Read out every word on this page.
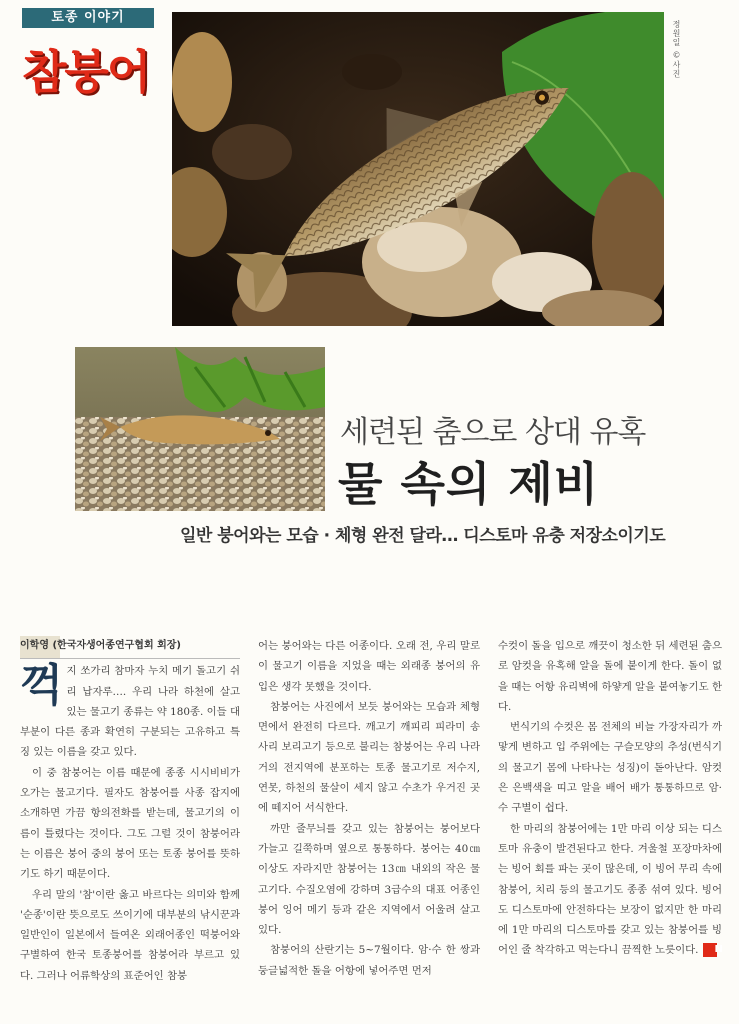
토종 이야기
참붕어	정원일 ©사진
세련된 춤으로 상대 유혹
물 속의 제비
일반 붕어와는 모습 · 체형 완전 달라… 디스토마 유충 저장소이기도

이학영 (한국자생어종연구협회 회장)

꺽지 쏘가리 참마자 누치 메기 돌고기 쉬리 납자루…. 우리 나라 하천에 살고 있는 물고기 종류는 약 180종. 이들 대부분이 다른 종과 확연히 구분되는 고유하고 특징 있는 이름을 갖고 있다.

이 중 참붕어는 이름 때문에 종종 시시비비가 오가는 물고기다. 필자도 참붕어를 사종 잡지에 소개하면 가끔 항의전화를 받는데, 물고기의 이름이 틀렸다는 것이다. 그도 그럴 것이 참붕어라는 이름은 붕어 중의 붕어 또는 토종 붕어를 뜻하기도 하기 때문이다.

우리 말의 '참'이란 옳고 바르다는 의미와 함께 '순종'이란 뜻으로도 쓰이기에 대부분의 낚시꾼과 일반인이 일본에서 들여온 외래어종인 떡붕어와 구별하여 한국 토종붕어를 참붕어라 부르고 있다. 그러나 어류학상의 표준어인 참붕

어는 붕어와는 다른 어종이다. 오래 전, 우리 말로 이 물고기 이름을 지었을 때는 외래종 붕어의 유입은 생각 못했을 것이다.

참붕어는 사진에서 보듯 붕어와는 모습과 체형 면에서 완전히 다르다. 깨고기 깨피리 피라미 송사리 보리고기 등으로 불리는 참붕어는 우리 나라 거의 전지역에 분포하는 토종 물고기로 저수지, 연못, 하천의 물살이 세지 않고 수초가 우거진 곳에 떼지어 서식한다.

까만 줄무늬를 갖고 있는 참붕어는 붕어보다 가늘고 길쭉하며 옆으로 통통하다. 붕어는 40㎝ 이상도 자라지만 참붕어는 13㎝ 내외의 작은 물고기다. 수질오염에 강하며 3급수의 대표 어종인 붕어 잉어 메기 등과 같은 지역에서 어울려 살고 있다.

참붕어의 산란기는 5~7월이다. 암·수 한 쌍과 둥글넓적한 돌을 어항에 넣어주면 먼저

수컷이 돌을 입으로 깨끗이 청소한 뒤 세련된 춤으로 암컷을 유혹해 알을 돌에 붙이게 한다. 돌이 없을 때는 어항 유리벽에 하얗게 알을 붙여놓기도 한다.

번식기의 수컷은 몸 전체의 비늘 가장자리가 까맣게 변하고 입 주위에는 구슬모양의 추성(번식기의 물고기 몸에 나타나는 성징)이 돋아난다. 암컷은 은백색을 띠고 알을 배어 배가 통통하므로 암·수 구별이 쉽다.

한 마리의 참붕어에는 1만 마리 이상 되는 디스토마 유충이 발견된다고 한다. 겨울철 포장마차에는 빙어 회를 파는 곳이 많은데, 이 빙어 무리 속에 참붕어, 치리 등의 물고기도 종종 섞여 있다. 빙어도 디스토마에 안전하다는 보장이 없지만 한 마리에 1만 마리의 디스토마를 갖고 있는 참붕어를 빙어인 줄 착각하고 먹는다니 끔찍한 노릇이다. N
